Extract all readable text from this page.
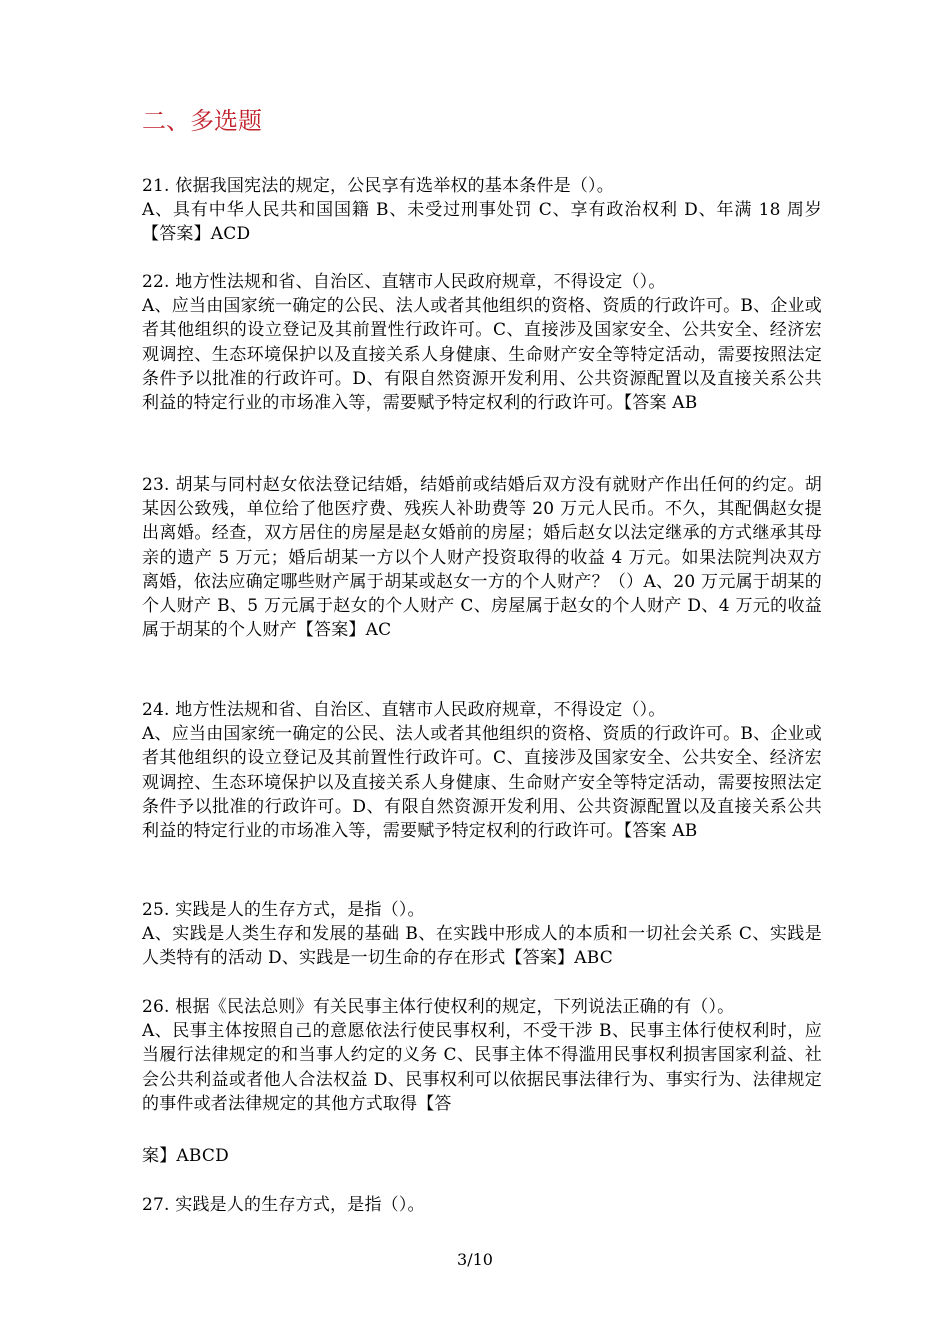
二、多选题

21. 依据我国宪法的规定，公民享有选举权的基本条件是（）。

A、具有中华人民共和国国籍 B、未受过刑事处罚 C、享有政治权利 D、年满 18 周岁【答案】ACD

22. 地方性法规和省、自治区、直辖市人民政府规章，不得设定（）。

A、应当由国家统一确定的公民、法人或者其他组织的资格、资质的行政许可。B、企业或者其他组织的设立登记及其前置性行政许可。C、直接涉及国家安全、公共安全、经济宏观调控、生态环境保护以及直接关系人身健康、生命财产安全等特定活动，需要按照法定条件予以批准的行政许可。D、有限自然资源开发利用、公共资源配置以及直接关系公共利益的特定行业的市场准入等，需要赋予特定权利的行政许可。【答案 AB

23. 胡某与同村赵女依法登记结婚，结婚前或结婚后双方没有就财产作出任何的约定。胡某因公致残，单位给了他医疗费、残疾人补助费等 20 万元人民币。不久，其配偶赵女提出离婚。经查，双方居住的房屋是赵女婚前的房屋；婚后赵女以法定继承的方式继承其母亲的遗产 5 万元；婚后胡某一方以个人财产投资取得的收益 4 万元。如果法院判决双方离婚，依法应确定哪些财产属于胡某或赵女一方的个人财产？（）A、20 万元属于胡某的个人财产 B、5 万元属于赵女的个人财产 C、房屋属于赵女的个人财产 D、4 万元的收益属于胡某的个人财产【答案】AC

24. 地方性法规和省、自治区、直辖市人民政府规章，不得设定（）。

A、应当由国家统一确定的公民、法人或者其他组织的资格、资质的行政许可。B、企业或者其他组织的设立登记及其前置性行政许可。C、直接涉及国家安全、公共安全、经济宏观调控、生态环境保护以及直接关系人身健康、生命财产安全等特定活动，需要按照法定条件予以批准的行政许可。D、有限自然资源开发利用、公共资源配置以及直接关系公共利益的特定行业的市场准入等，需要赋予特定权利的行政许可。【答案 AB

25. 实践是人的生存方式，是指（）。

A、实践是人类生存和发展的基础 B、在实践中形成人的本质和一切社会关系 C、实践是人类特有的活动 D、实践是一切生命的存在形式【答案】ABC

26. 根据《民法总则》有关民事主体行使权利的规定，下列说法正确的有（）。

A、民事主体按照自己的意愿依法行使民事权利，不受干涉 B、民事主体行使权利时，应当履行法律规定的和当事人约定的义务 C、民事主体不得滥用民事权利损害国家利益、社会公共利益或者他人合法权益 D、民事权利可以依据民事法律行为、事实行为、法律规定的事件或者法律规定的其他方式取得【答

案】ABCD

27. 实践是人的生存方式，是指（）。

3/10
